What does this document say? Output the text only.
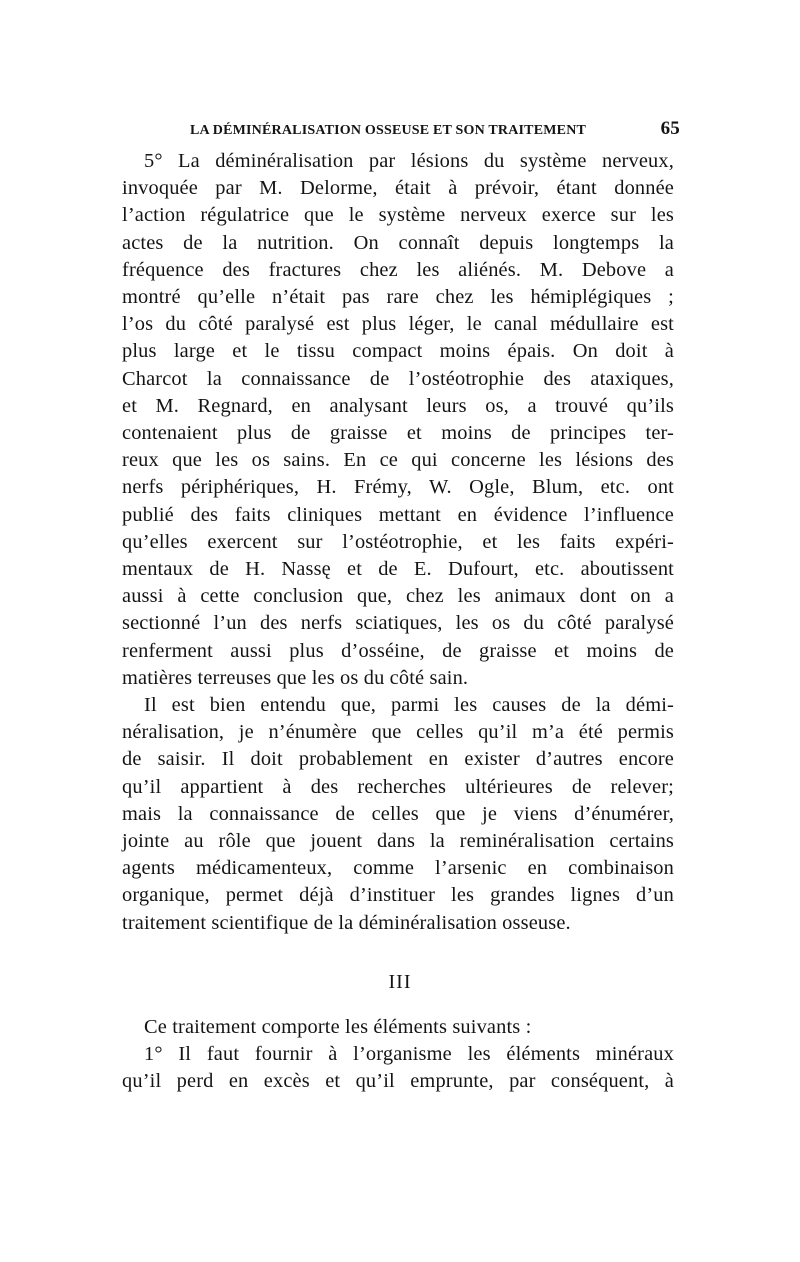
LA DÉMINÉRALISATION OSSEUSE ET SON TRAITEMENT	65
5° La déminéralisation par lésions du système nerveux,
invoquée par M. Delorme, était à prévoir, étant donnée
l’action régulatrice que le système nerveux exerce sur les
actes de la nutrition. On connaît depuis longtemps la
fréquence des fractures chez les aliénés. M. Debove a
montré qu’elle n’était pas rare chez les hémiplégiques ;
l’os du côté paralysé est plus léger, le canal médullaire est
plus large et le tissu compact moins épais. On doit à
Charcot la connaissance de l’ostéotrophie des ataxiques,
et M. Regnard, en analysant leurs os, a trouvé qu’ils
contenaient plus de graisse et moins de principes ter-
reux que les os sains. En ce qui concerne les lésions des
nerfs périphériques, H. Frémy, W. Ogle, Blum, etc. ont
publié des faits cliniques mettant en évidence l’influence
qu’elles exercent sur l’ostéotrophie, et les faits expéri-
mentaux de H. Nassę et de E. Dufourt, etc. aboutissent
aussi à cette conclusion que, chez les animaux dont on a
sectionné l’un des nerfs sciatiques, les os du côté paralysé
renferment aussi plus d’osséine, de graisse et moins de
matières terreuses que les os du côté sain.
Il est bien entendu que, parmi les causes de la démi-
néralisation, je n’énumère que celles qu’il m’a été permis
de saisir. Il doit probablement en exister d’autres encore
qu’il appartient à des recherches ultérieures de relever;
mais la connaissance de celles que je viens d’énumérer,
jointe au rôle que jouent dans la reminéralisation certains
agents médicamenteux, comme l’arsenic en combinaison
organique, permet déjà d’instituer les grandes lignes d’un
traitement scientifique de la déminéralisation osseuse.
III
Ce traitement comporte les éléments suivants :
1° Il faut fournir à l’organisme les éléments minéraux
qu’il perd en excès et qu’il emprunte, par conséquent, à
